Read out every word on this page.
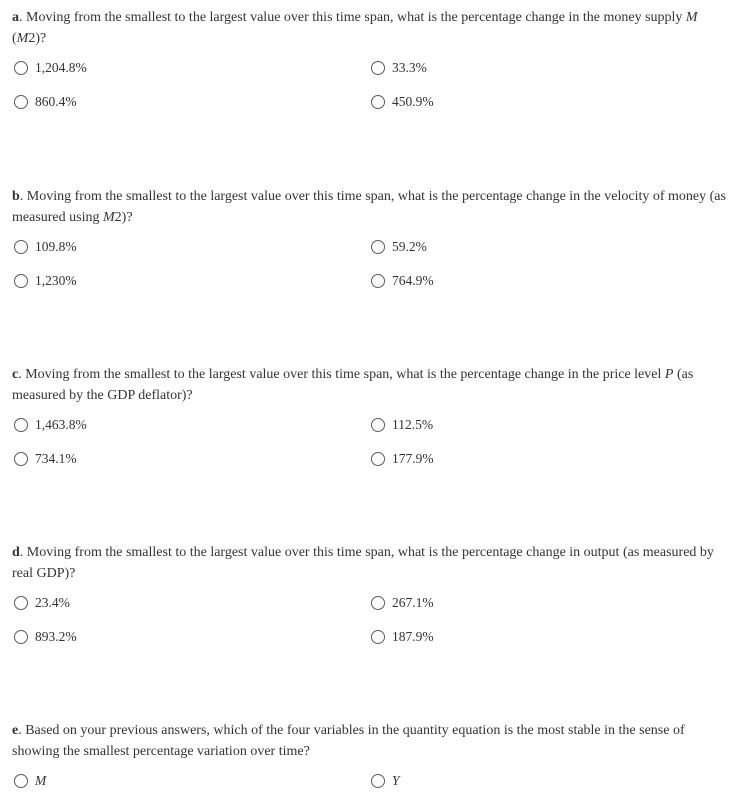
a. Moving from the smallest to the largest value over this time span, what is the percentage change in the money supply M (M2)?

1,204.8%	33.3%
860.4%	450.9%

b. Moving from the smallest to the largest value over this time span, what is the percentage change in the velocity of money (as measured using M2)?

109.8%	59.2%
1,230%	764.9%

c. Moving from the smallest to the largest value over this time span, what is the percentage change in the price level P (as measured by the GDP deflator)?

1,463.8%	112.5%
734.1%	177.9%

d. Moving from the smallest to the largest value over this time span, what is the percentage change in output (as measured by real GDP)?

23.4%	267.1%
893.2%	187.9%

e. Based on your previous answers, which of the four variables in the quantity equation is the most stable in the sense of showing the smallest percentage variation over time?

M	Y
